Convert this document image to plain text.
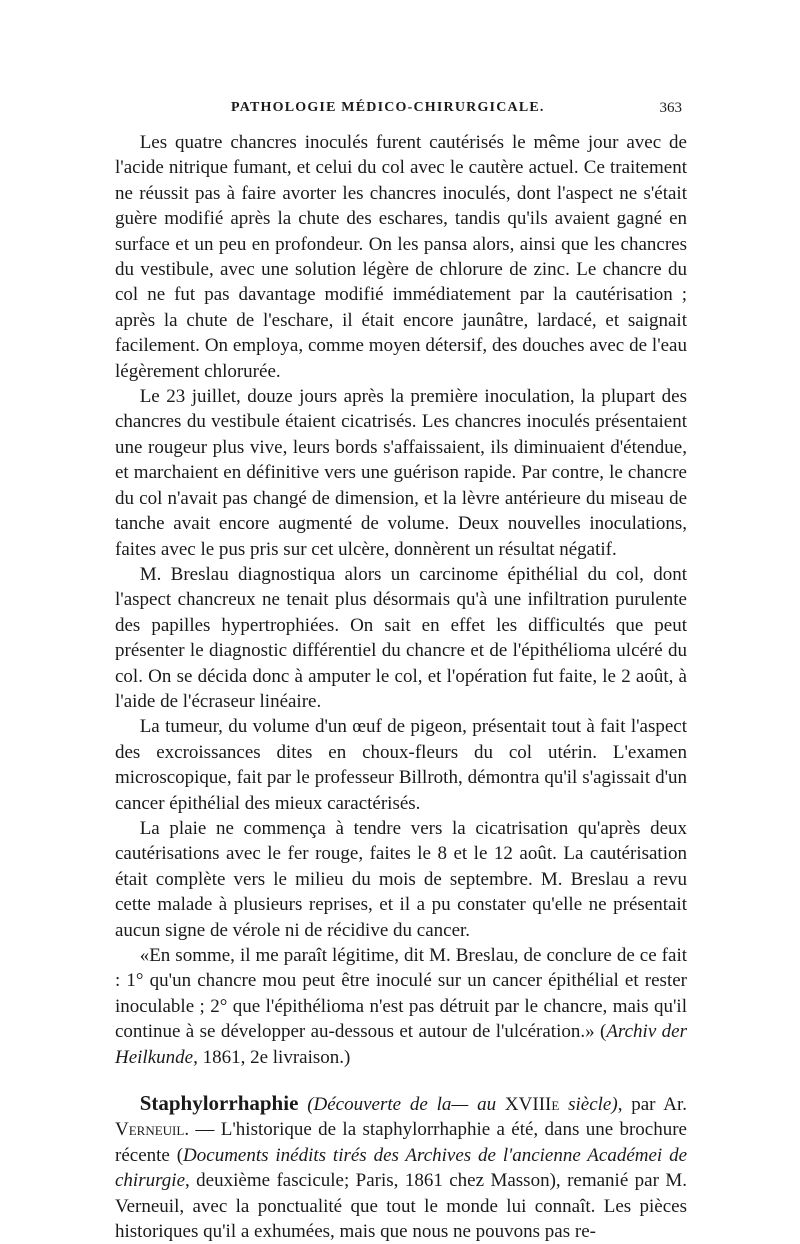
PATHOLOGIE MÉDICO-CHIRURGICALE.	363

Les quatre chancres inoculés furent cautérisés le même jour avec de l'acide nitrique fumant, et celui du col avec le cautère actuel. Ce traitement ne réussit pas à faire avorter les chancres inoculés, dont l'aspect ne s'était guère modifié après la chute des eschares, tandis qu'ils avaient gagné en surface et un peu en profondeur. On les pansa alors, ainsi que les chancres du vestibule, avec une solution légère de chlorure de zinc. Le chancre du col ne fut pas davantage modifié immédiatement par la cautérisation ; après la chute de l'eschare, il était encore jaunâtre, lardacé, et saignait facilement. On employa, comme moyen détersif, des douches avec de l'eau légèrement chlorurée.

Le 23 juillet, douze jours après la première inoculation, la plupart des chancres du vestibule étaient cicatrisés. Les chancres inoculés présentaient une rougeur plus vive, leurs bords s'affaissaient, ils diminuaient d'étendue, et marchaient en définitive vers une guérison rapide. Par contre, le chancre du col n'avait pas changé de dimension, et la lèvre antérieure du miseau de tanche avait encore augmenté de volume. Deux nouvelles inoculations, faites avec le pus pris sur cet ulcère, donnèrent un résultat négatif.

M. Breslau diagnostiqua alors un carcinome épithélial du col, dont l'aspect chancreux ne tenait plus désormais qu'à une infiltration purulente des papilles hypertrophiées. On sait en effet les difficultés que peut présenter le diagnostic différentiel du chancre et de l'épithélioma ulcéré du col. On se décida donc à amputer le col, et l'opération fut faite, le 2 août, à l'aide de l'écraseur linéaire.

La tumeur, du volume d'un œuf de pigeon, présentait tout à fait l'aspect des excroissances dites en choux-fleurs du col utérin. L'examen microscopique, fait par le professeur Billroth, démontra qu'il s'agissait d'un cancer épithélial des mieux caractérisés.

La plaie ne commença à tendre vers la cicatrisation qu'après deux cautérisations avec le fer rouge, faites le 8 et le 12 août. La cautérisation était complète vers le milieu du mois de septembre. M. Breslau a revu cette malade à plusieurs reprises, et il a pu constater qu'elle ne présentait aucun signe de vérole ni de récidive du cancer.

«En somme, il me paraît légitime, dit M. Breslau, de conclure de ce fait : 1° qu'un chancre mou peut être inoculé sur un cancer épithélial et rester inoculable ; 2° que l'épithélioma n'est pas détruit par le chancre, mais qu'il continue à se développer au-dessous et autour de l'ulcération.» (Archiv der Heilkunde, 1861, 2e livraison.)

Staphylorrhaphie (Découverte de la— au XVIIIe siècle), par Ar. Verneuil. — L'historique de la staphylorrhaphie a été, dans une brochure récente (Documents inédits tirés des Archives de l'ancienne Académei de chirurgie, deuxième fascicule; Paris, 1861 chez Masson), remanié par M. Verneuil, avec la ponctualité que tout le monde lui connaît. Les pièces historiques qu'il a exhumées, mais que nous ne pouvons pas re-
